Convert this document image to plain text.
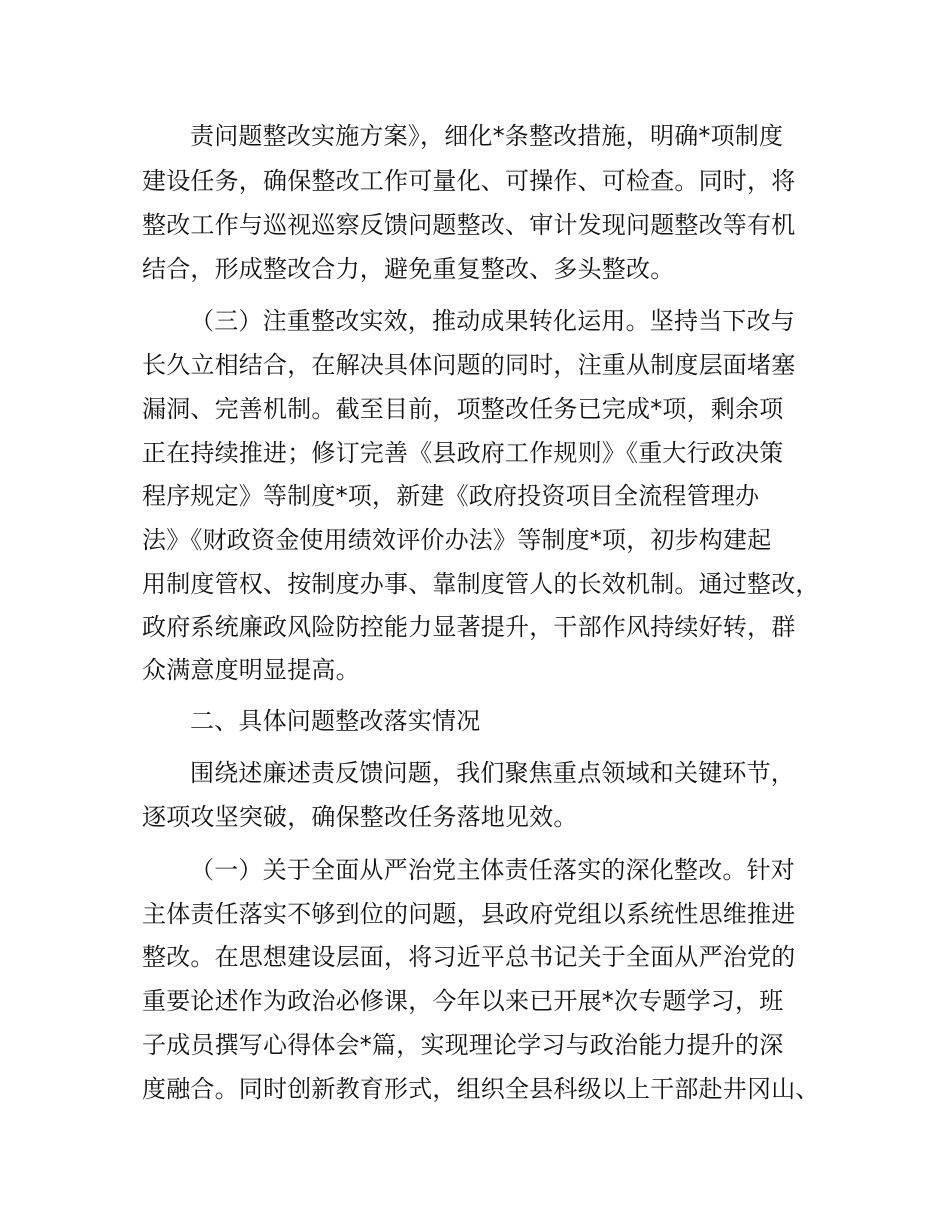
责问题整改实施方案》，细化*条整改措施，明确*项制度
建设任务，确保整改工作可量化、可操作、可检查。同时，将
整改工作与巡视巡察反馈问题整改、审计发现问题整改等有机
结合，形成整改合力，避免重复整改、多头整改。
（三）注重整改实效，推动成果转化运用。坚持当下改与
长久立相结合，在解决具体问题的同时，注重从制度层面堵塞
漏洞、完善机制。截至目前，项整改任务已完成*项，剩余项
正在持续推进；修订完善《县政府工作规则》《重大行政决策
程序规定》等制度*项，新建《政府投资项目全流程管理办
法》《财政资金使用绩效评价办法》等制度*项，初步构建起
用制度管权、按制度办事、靠制度管人的长效机制。通过整改，
政府系统廉政风险防控能力显著提升，干部作风持续好转，群
众满意度明显提高。
二、具体问题整改落实情况
围绕述廉述责反馈问题，我们聚焦重点领域和关键环节，
逐项攻坚突破，确保整改任务落地见效。
（一）关于全面从严治党主体责任落实的深化整改。针对
主体责任落实不够到位的问题，县政府党组以系统性思维推进
整改。在思想建设层面，将习近平总书记关于全面从严治党的
重要论述作为政治必修课，今年以来已开展*次专题学习，班
子成员撰写心得体会*篇，实现理论学习与政治能力提升的深
度融合。同时创新教育形式，组织全县科级以上干部赴井冈山、
